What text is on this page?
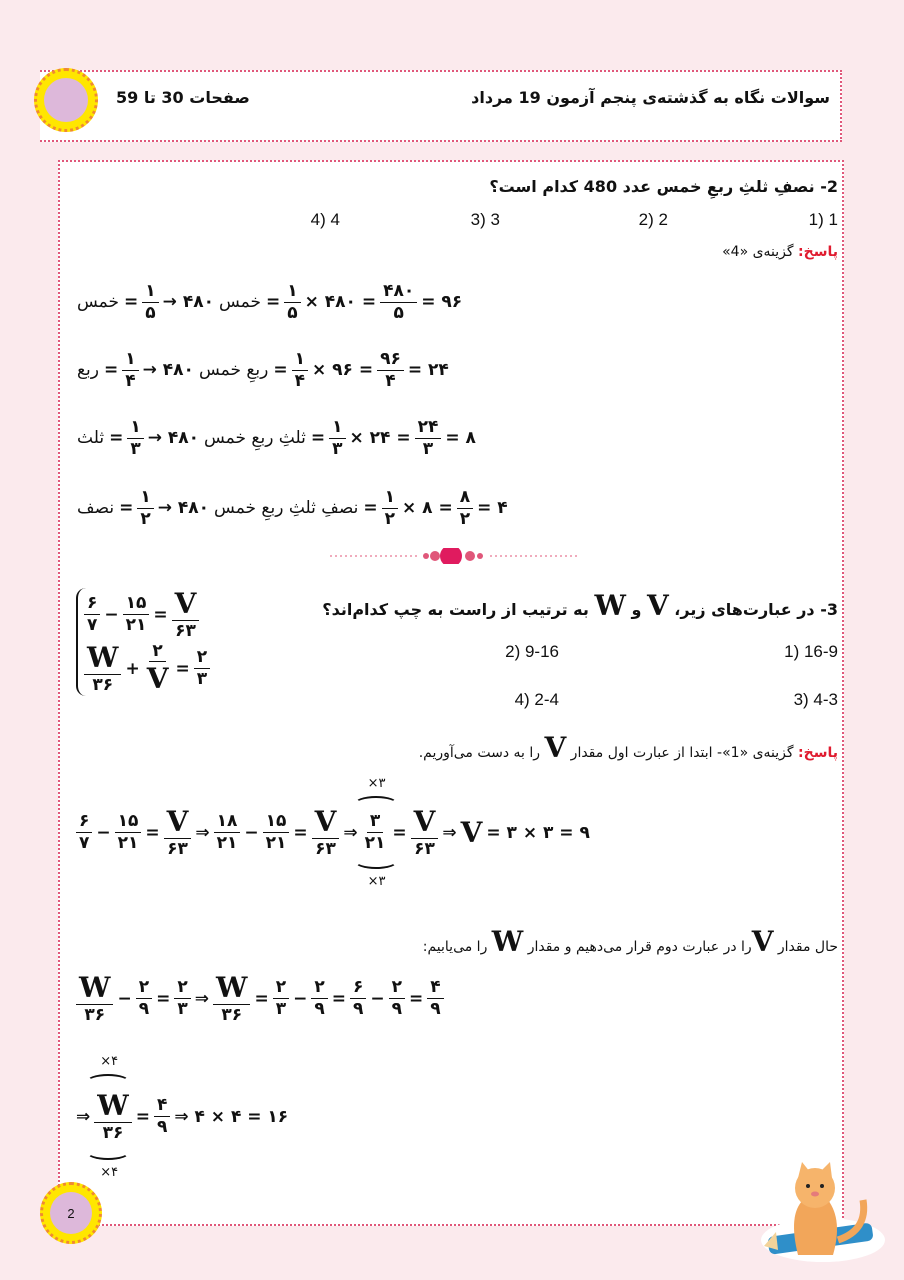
سوالات نگاه به گذشته‌ی پنجم آزمون 19 مرداد
صفحات 30 تا 59
2- نصفِ ثلثِ ربعِ خمس عدد 480 کدام است؟
1 (1
2 (2
3 (3
4 (4
پاسخ: گزینه‌ی «4»
خمس = $\frac{۱}{۵}$ → ۴۸۰ خمس = $\frac{۱}{۵}$ × ۴۸۰ = $\frac{۴۸۰}{۵}$ = ۹۶
ربع = $\frac{۱}{۴}$ → ۴۸۰ ربعِ خمس = $\frac{۱}{۴}$ × ۹۶ = $\frac{۹۶}{۴}$ = ۲۴
ثلث = $\frac{۱}{۳}$ → ۴۸۰ ثلثِ ربعِ خمس = $\frac{۱}{۳}$ × ۲۴ = $\frac{۲۴}{۳}$ = ۸
نصف = $\frac{۱}{۲}$ → ۴۸۰ نصفِ ثلثِ ربعِ خمس = $\frac{۱}{۲}$ × ۸ = $\frac{۸}{۲}$ = ۴
3- در عبارت‌های زیر، V و W به ترتیب از راست به چپ کدام‌اند؟
$\frac{۶}{۷} - \frac{۱۵}{۲۱} = \frac{V}{۶۳}$
$\frac{W}{۳۶} + \frac{۲}{V} = \frac{۲}{۳}$	16-9 (1
9-16 (2
4-3 (3
2-4 (4
پاسخ: گزینه‌ی «1»- ابتدا از عبارت اول مقدار V را به دست می‌آوریم.
$\frac{۶}{۷} - \frac{۱۵}{۲۱} = \frac{V}{۶۳}$ ⇒ $\frac{۱۸}{۲۱} - \frac{۱۵}{۲۱} = \frac{V}{۶۳}$ ⇒
۳
۲۱
×۳
×۳
= $\frac{V}{۶۳}$ ⇒ V = ۳ × ۳ = ۹
حال مقدار Vرا در عبارت دوم قرار می‌دهیم و مقدار W را می‌یابیم:
$\frac{W}{۳۶} - \frac{۲}{۹} = \frac{۲}{۳}$ ⇒ $\frac{W}{۳۶} = \frac{۲}{۳} - \frac{۲}{۹} = \frac{۶}{۹} - \frac{۲}{۹} = \frac{۴}{۹}$
⇒ W
۳۶
×۴
×۴
= $\frac{۴}{۹}$ ⇒ ۴ × ۴ = ۱۶
2
